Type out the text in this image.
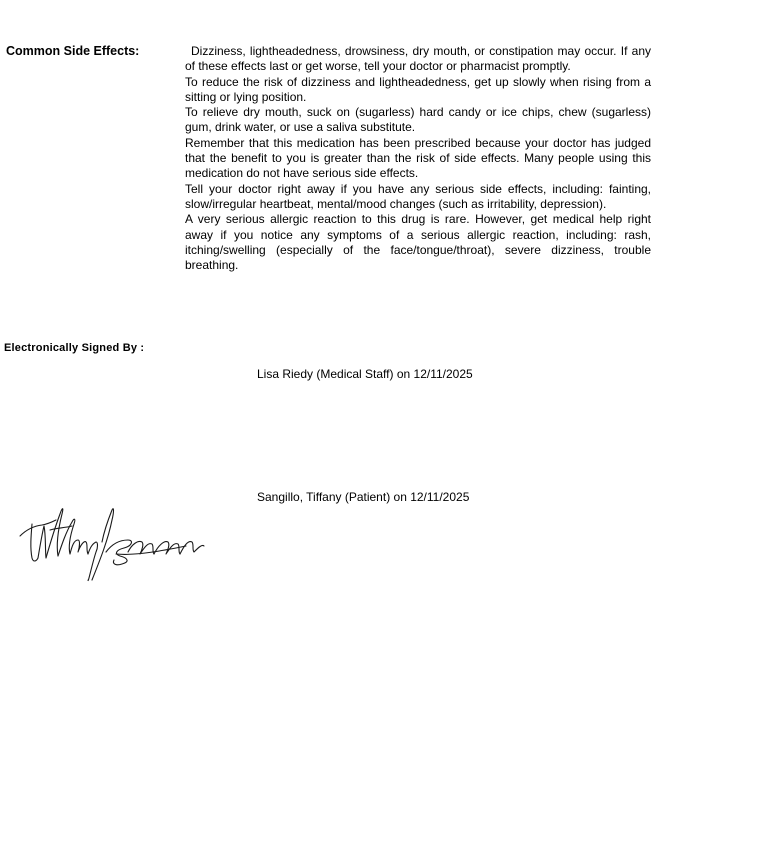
Common Side Effects:	Dizziness, lightheadedness, drowsiness, dry mouth, or constipation may occur. If any of these effects last or get worse, tell your doctor or pharmacist promptly.

To reduce the risk of dizziness and lightheadedness, get up slowly when rising from a sitting or lying position.

To relieve dry mouth, suck on (sugarless) hard candy or ice chips, chew (sugarless) gum, drink water, or use a saliva substitute.

Remember that this medication has been prescribed because your doctor has judged that the benefit to you is greater than the risk of side effects. Many people using this medication do not have serious side effects.

Tell your doctor right away if you have any serious side effects, including: fainting, slow/irregular heartbeat, mental/mood changes (such as irritability, depression).

A very serious allergic reaction to this drug is rare. However, get medical help right away if you notice any symptoms of a serious allergic reaction, including: rash, itching/swelling (especially of the face/tongue/throat), severe dizziness, trouble breathing.

Electronically Signed By :
Lisa Riedy (Medical Staff) on 12/11/2025
Sangillo, Tiffany (Patient) on 12/11/2025
